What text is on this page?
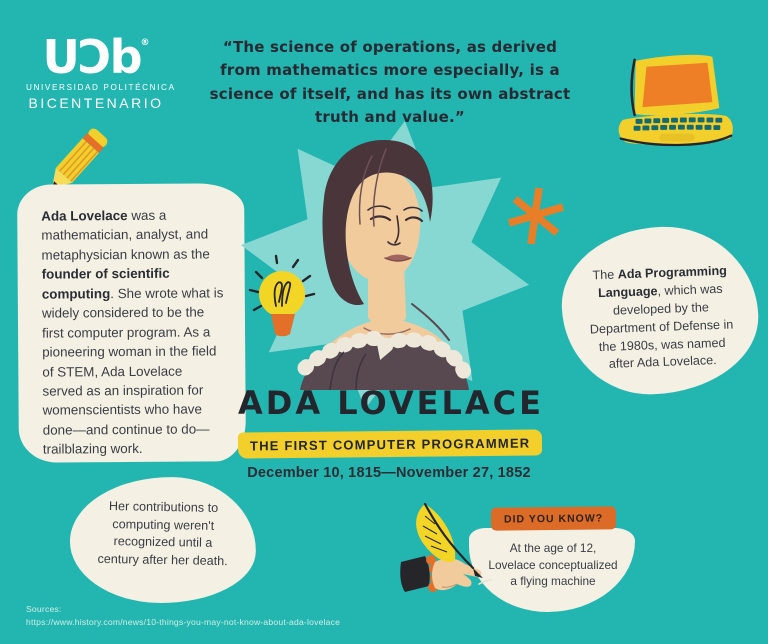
UƆb®
UNIVERSIDAD POLITÉCNICA
BICENTENARIO
“The science of operations, as derived from mathematics more especially, is a science of itself, and has its own abstract truth and value.”

Ada Lovelace was a mathematician, analyst, and metaphysician known as the founder of scientific computing. She wrote what is widely considered to be the first computer program. As a pioneering woman in the field of STEM, Ada Lovelace served as an inspiration for womenscientists who have done—and continue to do—trailblazing work.

ADA LOVELACE
THE FIRST COMPUTER PROGRAMMER
December 10, 1815—November 27, 1852

The Ada Programming Language, which was developed by the Department of Defense in the 1980s, was named after Ada Lovelace.

Her contributions to computing weren't recognized until a century after her death.

DID YOU KNOW?

At the age of 12, Lovelace conceptualized a flying machine

Sources:
https://www.history.com/news/10-things-you-may-not-know-about-ada-lovelace
